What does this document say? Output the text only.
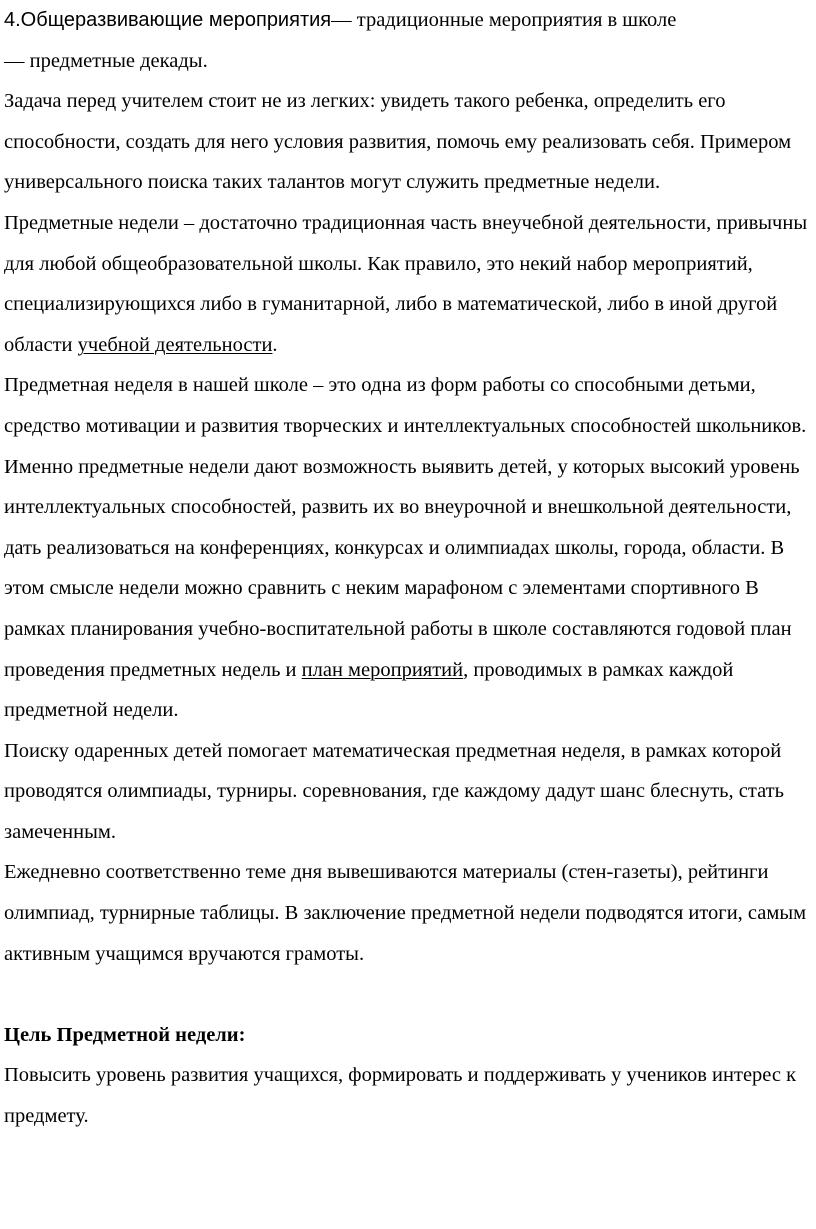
4.Общеразвивающие мероприятия— традиционные мероприятия в школе
— предметные декады.

Задача перед учителем стоит не из легких: увидеть такого ребенка, определить его способности, создать для него условия развития, помочь ему реализовать себя. Примером универсального поиска таких талантов могут служить предметные недели.

Предметные недели – достаточно традиционная часть внеучебной деятельности, привычны для любой общеобразовательной школы. Как правило, это некий набор мероприятий, специализирующихся либо в гуманитарной, либо в математической, либо в иной другой области учебной деятельности.

Предметная неделя в нашей школе – это одна из форм работы со способными детьми, средство мотивации и развития творческих и интеллектуальных способностей школьников. Именно предметные недели дают возможность выявить детей, у которых высокий уровень интеллектуальных способностей, развить их во внеурочной и внешкольной деятельности, дать реализоваться на конференциях, конкурсах и олимпиадах школы, города, области. В этом смысле недели можно сравнить с неким марафоном с элементами спортивного В рамках планирования учебно-воспитательной работы в школе составляются годовой план проведения предметных недель и план мероприятий, проводимых в рамках каждой предметной недели.

Поиску одаренных детей помогает математическая предметная неделя, в рамках которой проводятся олимпиады, турниры. соревнования, где каждому дадут шанс блеснуть, стать замеченным.

Ежедневно соответственно теме дня вывешиваются материалы (стен-газеты), рейтинги олимпиад, турнирные таблицы. В заключение предметной недели подводятся итоги, самым активным учащимся вручаются грамоты.

Цель Предметной недели:

Повысить уровень развития учащихся, формировать и поддерживать у учеников интерес к предмету.
